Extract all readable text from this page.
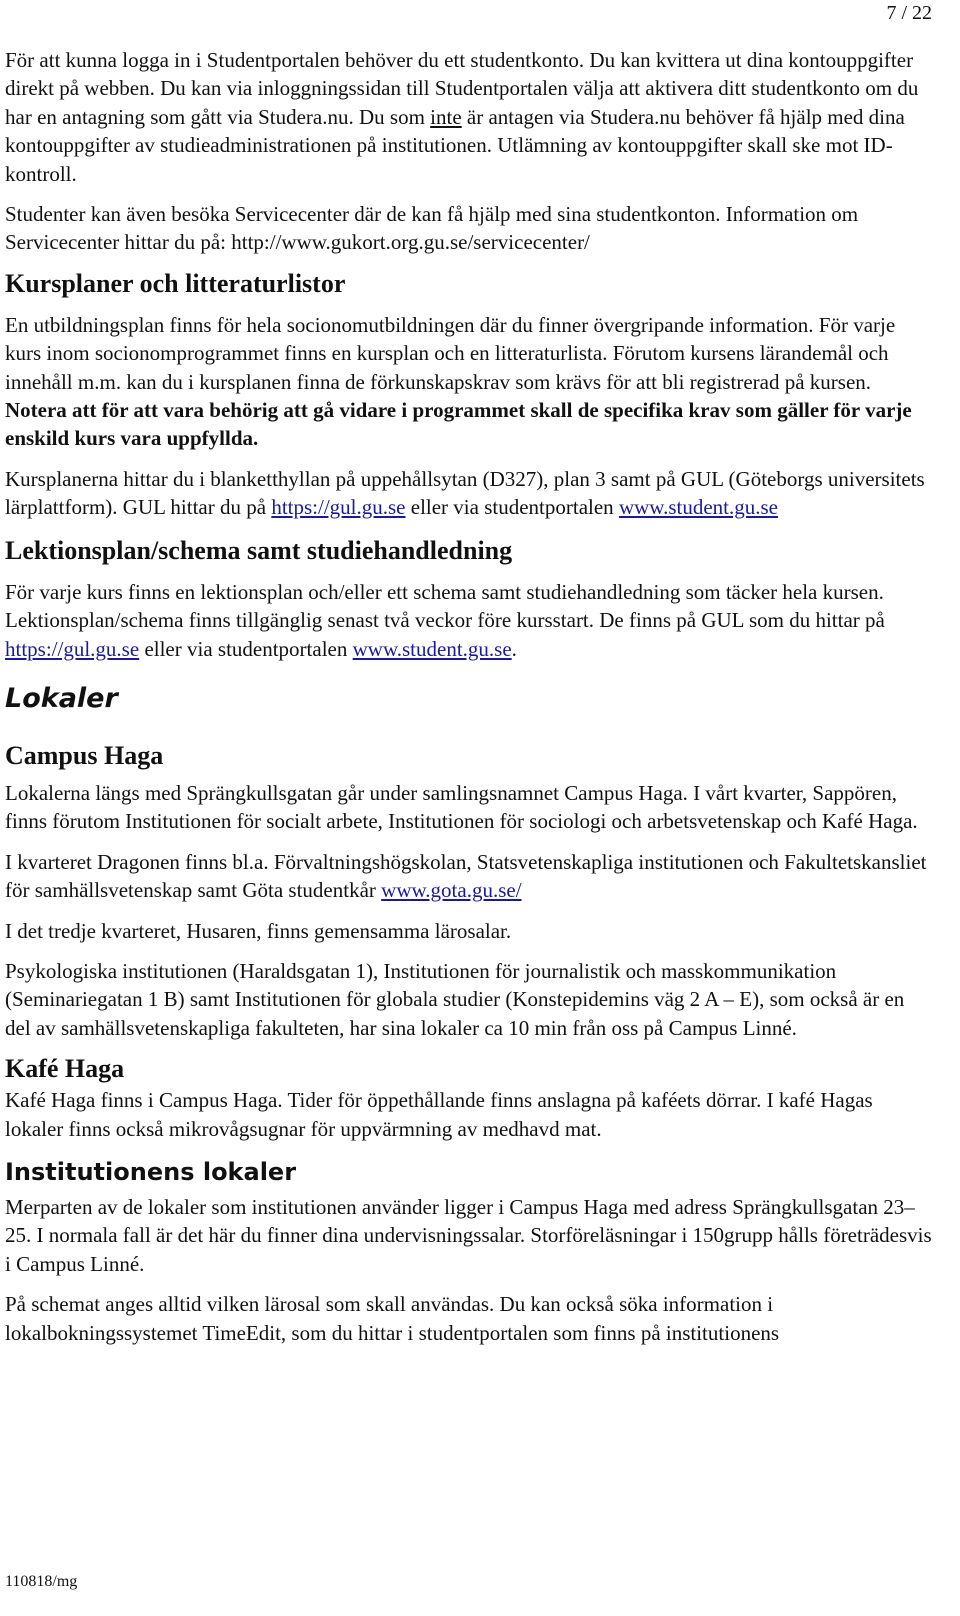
7 / 22

För att kunna logga in i Studentportalen behöver du ett studentkonto. Du kan kvittera ut dina kontouppgifter direkt på webben. Du kan via inloggningssidan till Studentportalen välja att aktivera ditt studentkonto om du har en antagning som gått via Studera.nu. Du som inte är antagen via Studera.nu behöver få hjälp med dina kontouppgifter av studieadministrationen på institutionen. Utlämning av kontouppgifter skall ske mot ID-kontroll.

Studenter kan även besöka Servicecenter där de kan få hjälp med sina studentkonton. Information om Servicecenter hittar du på: http://www.gukort.org.gu.se/servicecenter/

Kursplaner och litteraturlistor

En utbildningsplan finns för hela socionomutbildningen där du finner övergripande information. För varje kurs inom socionomprogrammet finns en kursplan och en litteraturlista. Förutom kursens lärandemål och innehåll m.m. kan du i kursplanen finna de förkunskapskrav som krävs för att bli registrerad på kursen. Notera att för att vara behörig att gå vidare i programmet skall de specifika krav som gäller för varje enskild kurs vara uppfyllda.

Kursplanerna hittar du i blanketthyllan på uppehållsytan (D327), plan 3 samt på GUL (Göteborgs universitets lärplattform). GUL hittar du på https://gul.gu.se eller via studentportalen www.student.gu.se

Lektionsplan/schema samt studiehandledning

För varje kurs finns en lektionsplan och/eller ett schema samt studiehandledning som täcker hela kursen. Lektionsplan/schema finns tillgänglig senast två veckor före kursstart. De finns på GUL som du hittar på https://gul.gu.se eller via studentportalen www.student.gu.se.

Lokaler
Campus Haga

Lokalerna längs med Sprängkullsgatan går under samlingsnamnet Campus Haga. I vårt kvarter, Sappören, finns förutom Institutionen för socialt arbete, Institutionen för sociologi och arbetsvetenskap och Kafé Haga.

I kvarteret Dragonen finns bl.a. Förvaltningshögskolan, Statsvetenskapliga institutionen och Fakultetskansliet för samhällsvetenskap samt Göta studentkår www.gota.gu.se/

I det tredje kvarteret, Husaren, finns gemensamma lärosalar.

Psykologiska institutionen (Haraldsgatan 1), Institutionen för journalistik och masskommunikation (Seminariegatan 1 B) samt Institutionen för globala studier (Konstepidemins väg 2 A – E), som också är en del av samhällsvetenskapliga fakulteten, har sina lokaler ca 10 min från oss på Campus Linné.

Kafé Haga

Kafé Haga finns i Campus Haga. Tider för öppethållande finns anslagna på kaféets dörrar. I kafé Hagas lokaler finns också mikrovågsugnar för uppvärmning av medhavd mat.

Institutionens lokaler

Merparten av de lokaler som institutionen använder ligger i Campus Haga med adress Sprängkullsgatan 23–25. I normala fall är det här du finner dina undervisningssalar. Storföreläsningar i 150grupp hålls företrädesvis i Campus Linné.

På schemat anges alltid vilken lärosal som skall användas. Du kan också söka information i lokalbokningssystemet TimeEdit, som du hittar i studentportalen som finns på institutionens

110818/mg
